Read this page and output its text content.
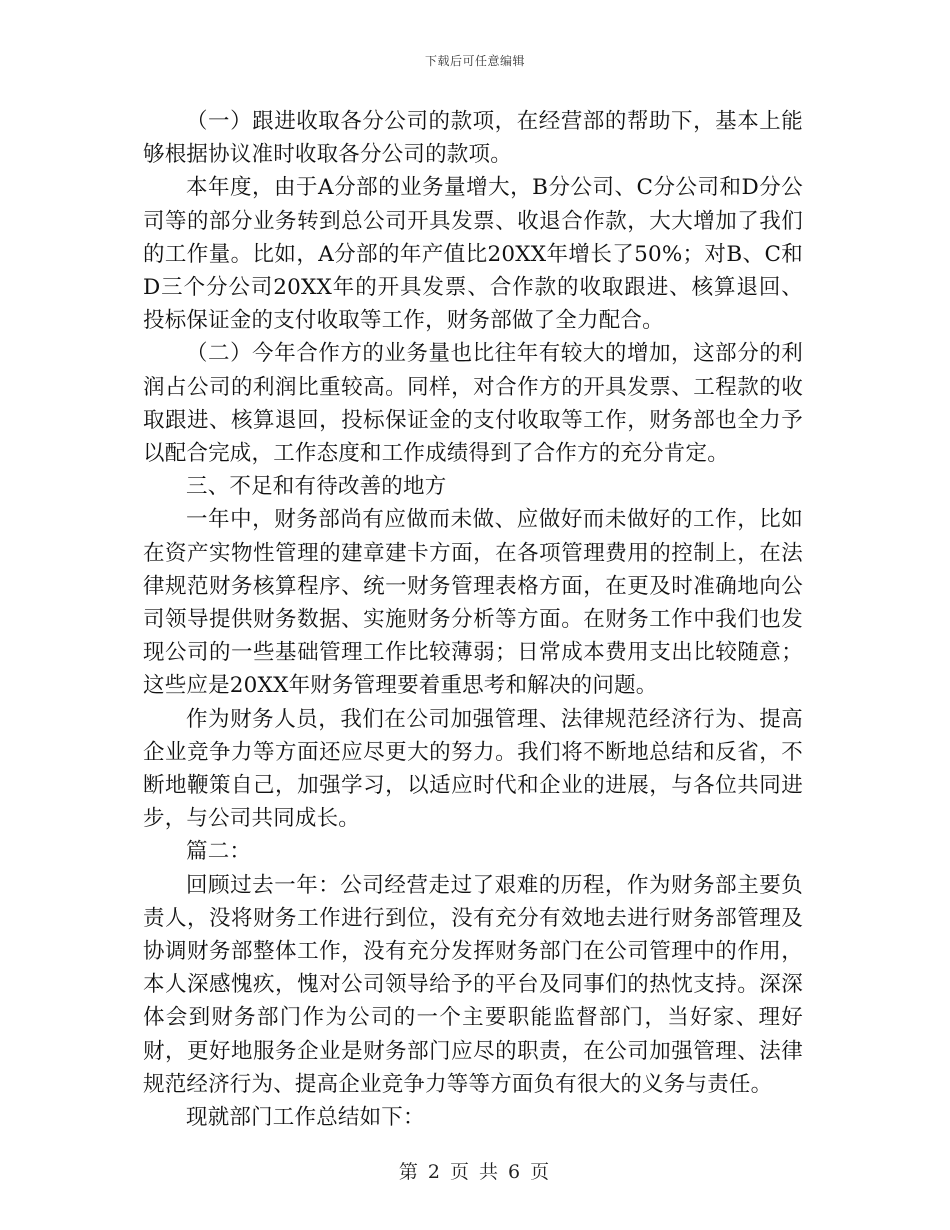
下载后可任意编辑

（一）跟进收取各分公司的款项，在经营部的帮助下，基本上能够根据协议准时收取各分公司的款项。

本年度，由于A分部的业务量增大，B分公司、C分公司和D分公司等的部分业务转到总公司开具发票、收退合作款，大大增加了我们的工作量。比如，A分部的年产值比20XX年增长了50%；对B、C和D三个分公司20XX年的开具发票、合作款的收取跟进、核算退回、投标保证金的支付收取等工作，财务部做了全力配合。

（二）今年合作方的业务量也比往年有较大的增加，这部分的利润占公司的利润比重较高。同样，对合作方的开具发票、工程款的收取跟进、核算退回，投标保证金的支付收取等工作，财务部也全力予以配合完成，工作态度和工作成绩得到了合作方的充分肯定。

三、不足和有待改善的地方

一年中，财务部尚有应做而未做、应做好而未做好的工作，比如在资产实物性管理的建章建卡方面，在各项管理费用的控制上，在法律规范财务核算程序、统一财务管理表格方面，在更及时准确地向公司领导提供财务数据、实施财务分析等方面。在财务工作中我们也发现公司的一些基础管理工作比较薄弱；日常成本费用支出比较随意；这些应是20XX年财务管理要着重思考和解决的问题。

作为财务人员，我们在公司加强管理、法律规范经济行为、提高企业竞争力等方面还应尽更大的努力。我们将不断地总结和反省，不断地鞭策自己，加强学习，以适应时代和企业的进展，与各位共同进步，与公司共同成长。

篇二：

回顾过去一年：公司经营走过了艰难的历程，作为财务部主要负责人，没将财务工作进行到位，没有充分有效地去进行财务部管理及协调财务部整体工作，没有充分发挥财务部门在公司管理中的作用，本人深感愧疚，愧对公司领导给予的平台及同事们的热忱支持。深深体会到财务部门作为公司的一个主要职能监督部门，当好家、理好财，更好地服务企业是财务部门应尽的职责，在公司加强管理、法律规范经济行为、提高企业竞争力等等方面负有很大的义务与责任。

现就部门工作总结如下：

第 2 页 共 6 页
